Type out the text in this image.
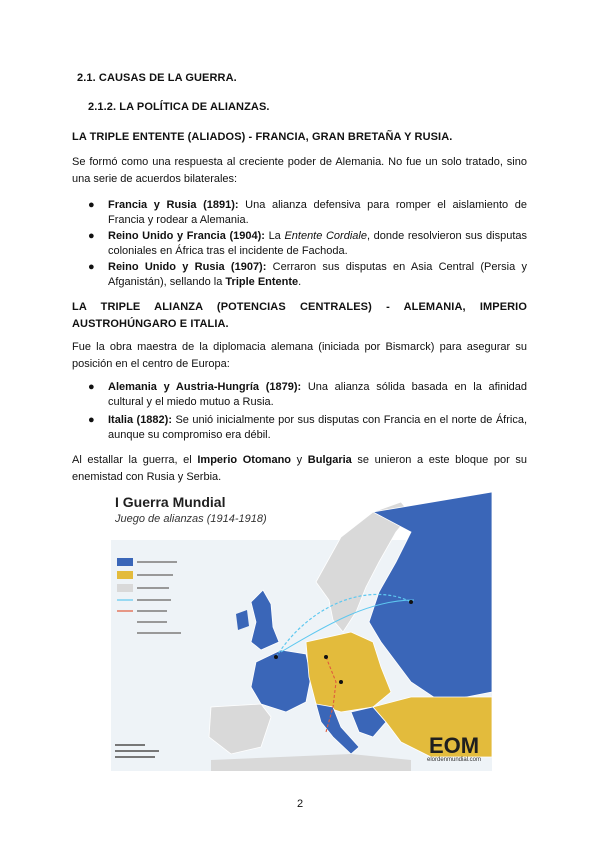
2.1. CAUSAS DE LA GUERRA.
2.1.2. LA POLÍTICA DE ALIANZAS.
LA TRIPLE ENTENTE (ALIADOS) - FRANCIA, GRAN BRETAÑA Y RUSIA.
Se formó como una respuesta al creciente poder de Alemania. No fue un solo tratado, sino una serie de acuerdos bilaterales:
● Francia y Rusia (1891): Una alianza defensiva para romper el aislamiento de Francia y rodear a Alemania.
● Reino Unido y Francia (1904): La Entente Cordiale, donde resolvieron sus disputas coloniales en África tras el incidente de Fachoda.
● Reino Unido y Rusia (1907): Cerraron sus disputas en Asia Central (Persia y Afganistán), sellando la Triple Entente.
LA TRIPLE ALIANZA (POTENCIAS CENTRALES) - ALEMANIA, IMPERIO AUSTROHÚNGARO E ITALIA.
Fue la obra maestra de la diplomacia alemana (iniciada por Bismarck) para asegurar su posición en el centro de Europa:
● Alemania y Austria-Hungría (1879): Una alianza sólida basada en la afinidad cultural y el miedo mutuo a Rusia.
● Italia (1882): Se unió inicialmente por sus disputas con Francia en el norte de África, aunque su compromiso era débil.
Al estallar la guerra, el Imperio Otomano y Bulgaria se unieron a este bloque por su enemistad con Rusia y Serbia.
I Guerra Mundial
Juego de alianzas (1914-1918)
EOM
elordenmundial.com
2
